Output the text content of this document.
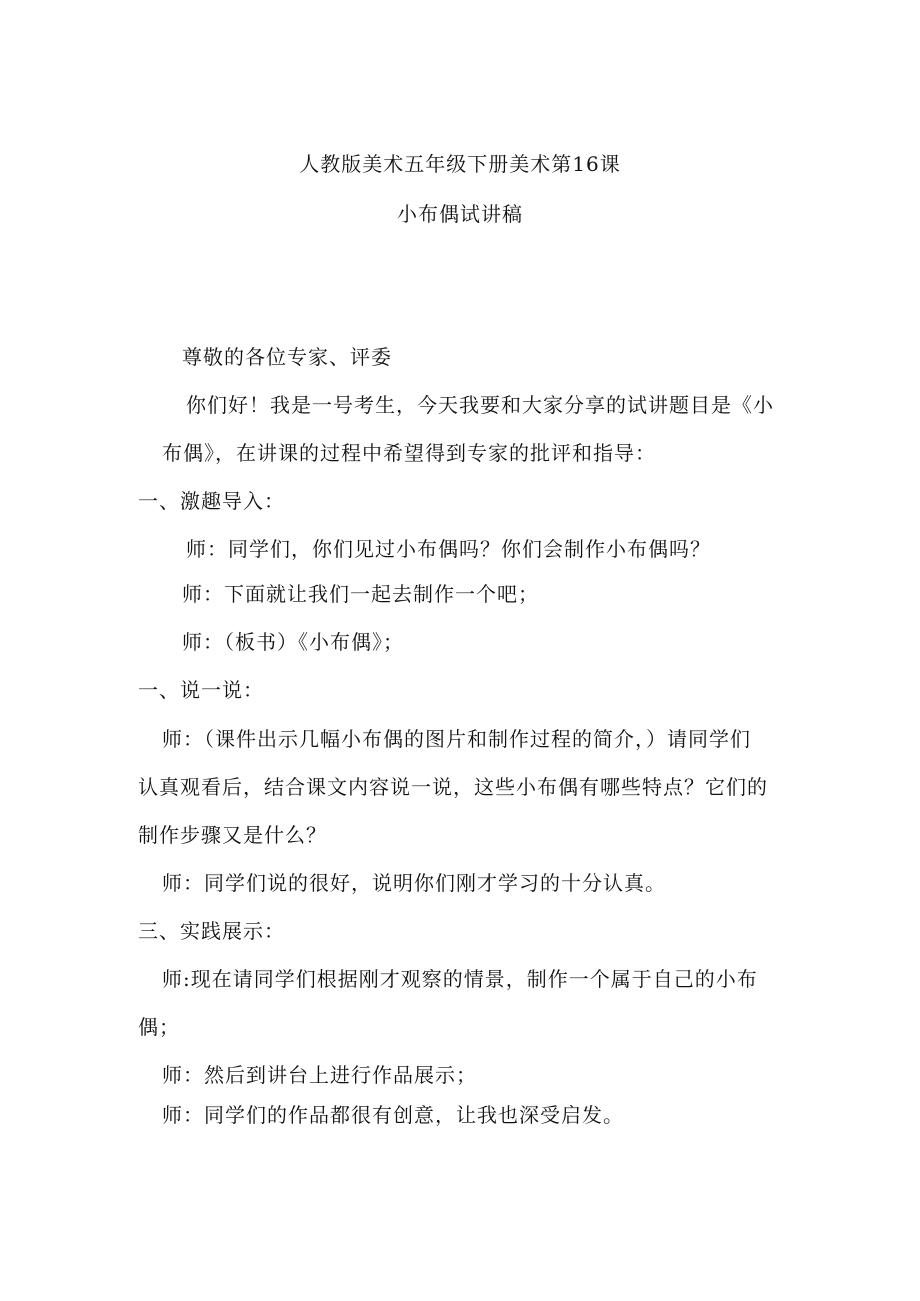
人教版美术五年级下册美术第16课
小布偶试讲稿
尊敬的各位专家、评委
你们好！我是一号考生，今天我要和大家分享的试讲题目是《小
布偶》，在讲课的过程中希望得到专家的批评和指导：
一、激趣导入：
师：同学们，你们见过小布偶吗？你们会制作小布偶吗？
师：下面就让我们一起去制作一个吧；
师：（板书）《小布偶》；
一、说一说：
师：（课件出示几幅小布偶的图片和制作过程的简介，）请同学们
认真观看后，结合课文内容说一说，这些小布偶有哪些特点？它们的
制作步骤又是什么？
师：同学们说的很好，说明你们刚才学习的十分认真。
三、实践展示：
师:现在请同学们根据刚才观察的情景，制作一个属于自己的小布
偶；
师：然后到讲台上进行作品展示；
师：同学们的作品都很有创意，让我也深受启发。
